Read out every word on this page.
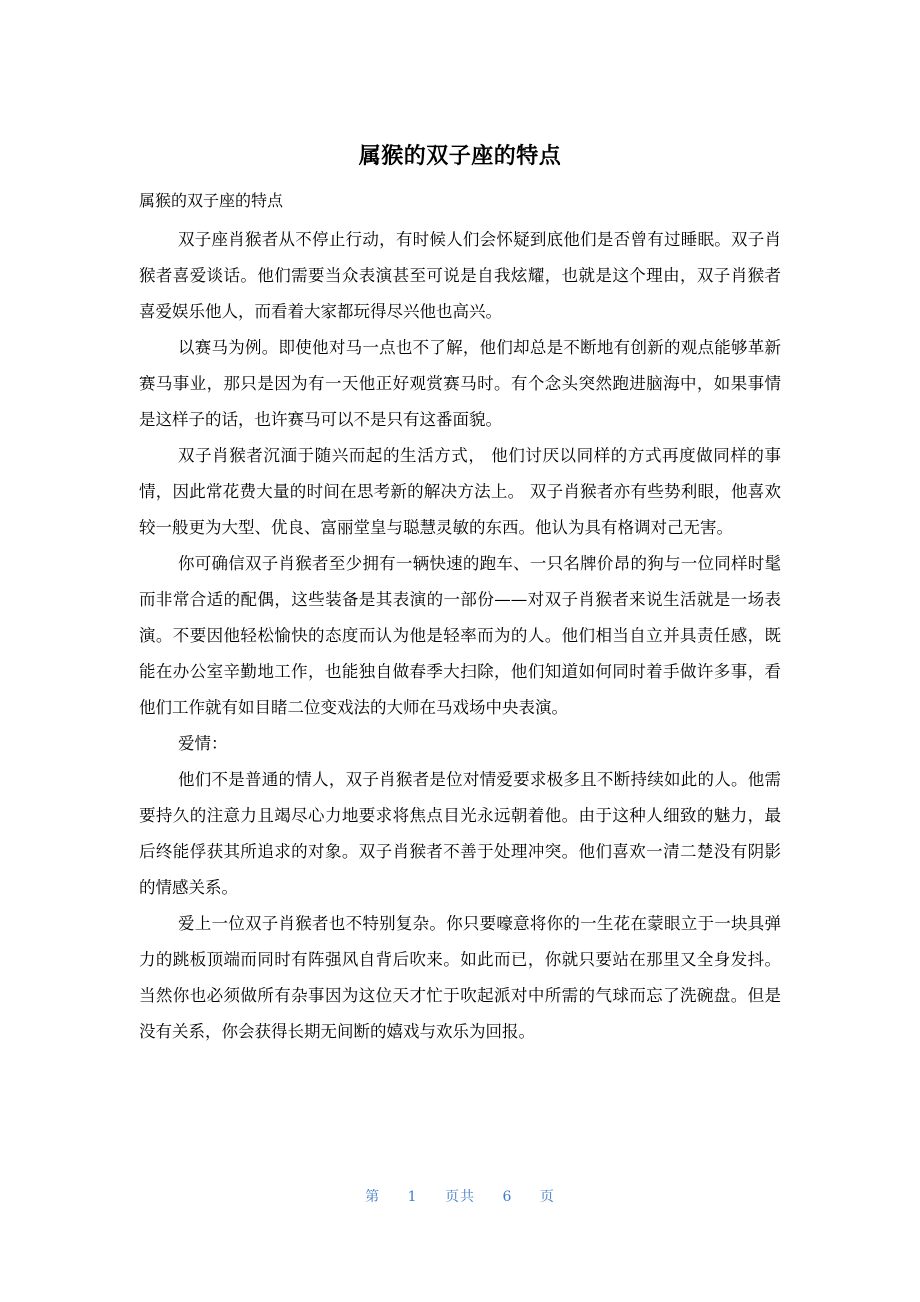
属猴的双子座的特点
属猴的双子座的特点

双子座肖猴者从不停止行动，有时候人们会怀疑到底他们是否曾有过睡眠。双子肖猴者喜爱谈话。他们需要当众表演甚至可说是自我炫耀，也就是这个理由，双子肖猴者喜爱娱乐他人，而看着大家都玩得尽兴他也高兴。

以赛马为例。即使他对马一点也不了解，他们却总是不断地有创新的观点能够革新赛马事业，那只是因为有一天他正好观赏赛马时。有个念头突然跑进脑海中，如果事情是这样子的话，也许赛马可以不是只有这番面貌。

双子肖猴者沉湎于随兴而起的生活方式， 他们讨厌以同样的方式再度做同样的事情，因此常花费大量的时间在思考新的解决方法上。 双子肖猴者亦有些势利眼，他喜欢较一般更为大型、优良、富丽堂皇与聪慧灵敏的东西。他认为具有格调对己无害。

你可确信双子肖猴者至少拥有一辆快速的跑车、一只名牌价昂的狗与一位同样时髦而非常合适的配偶，这些装备是其表演的一部份——对双子肖猴者来说生活就是一场表演。不要因他轻松愉快的态度而认为他是轻率而为的人。他们相当自立并具责任感，既能在办公室辛勤地工作，也能独自做春季大扫除，他们知道如何同时着手做许多事，看他们工作就有如目睹二位变戏法的大师在马戏场中央表演。

爱情：

他们不是普通的情人，双子肖猴者是位对情爱要求极多且不断持续如此的人。他需要持久的注意力且竭尽心力地要求将焦点目光永远朝着他。由于这种人细致的魅力，最后终能俘获其所追求的对象。双子肖猴者不善于处理冲突。他们喜欢一清二楚没有阴影的情感关系。

爱上一位双子肖猴者也不特别复杂。你只要嚎意将你的一生花在蒙眼立于一块具弹力的跳板顶端而同时有阵强风自背后吹来。如此而已，你就只要站在那里又全身发抖。当然你也必须做所有杂事因为这位天才忙于吹起派对中所需的气球而忘了洗碗盘。但是没有关系，你会获得长期无间断的嬉戏与欢乐为回报。

第 1 页共 6 页
